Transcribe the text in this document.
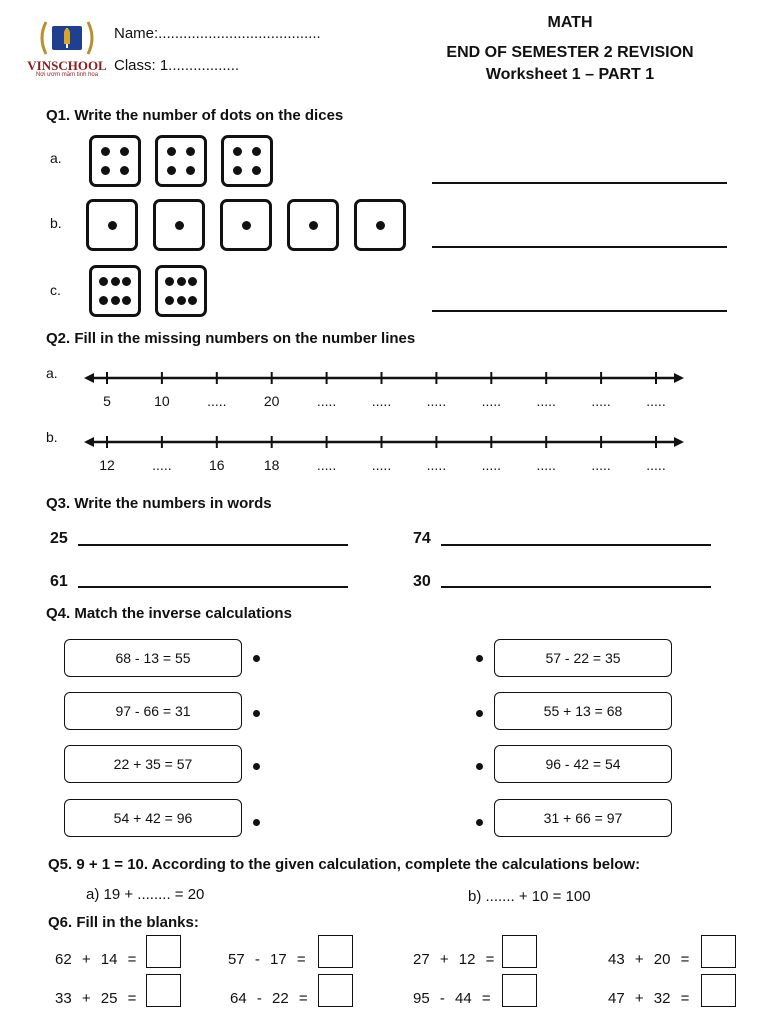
VINSCHOOL
Nơi ươm mầm tinh hoa
Name:.......................................
Class: 1.................
MATH
END OF SEMESTER 2 REVISION
Worksheet 1 – PART 1
Q1. Write the number of dots on the dices
a.
b.
c.
Q2. Fill in the missing numbers on the number lines
a.
b.
5	10	.....	20	.....	.....	.....	.....	.....	.....	.....
12	.....	16	18	.....	.....	.....	.....	.....	.....	.....
Q3. Write the numbers in words
25	74
61	30
Q4. Match the inverse calculations
68 - 13 = 55
97 - 66 = 31
22 + 35 = 57
54 + 42 = 96
57 - 22 = 35
55 + 13 = 68
96 - 42 = 54
31 + 66 = 97
Q5. 9 + 1 = 10. According to the given calculation, complete the calculations below:
a) 19 + ........ = 20	b) ....... + 10 = 100
Q6. Fill in the blanks:
62 + 14 =	57 - 17 =	27 + 12 =	43 + 20 =
33 + 25 =	64 - 22 =	95 - 44 =	47 + 32 =
